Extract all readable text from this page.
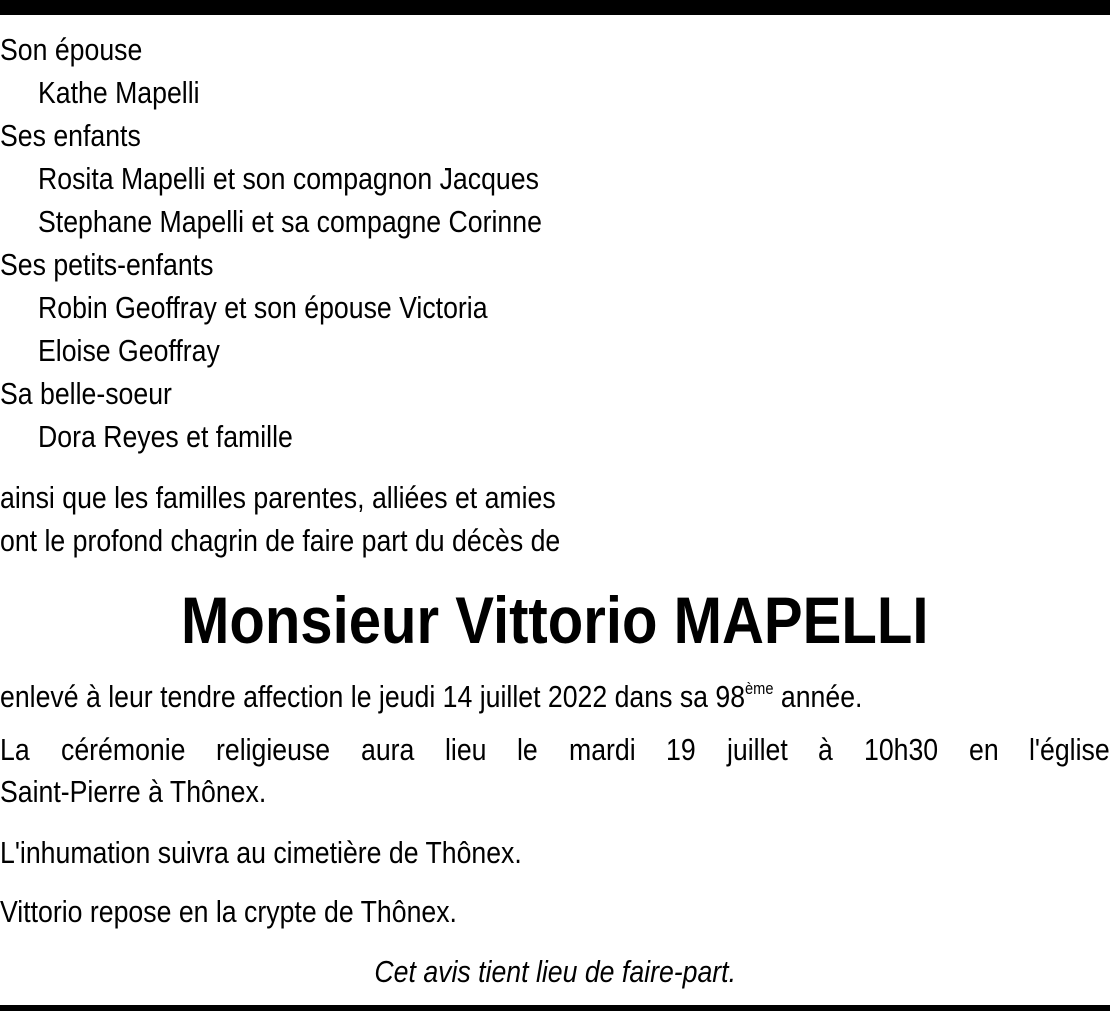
Son épouse
Kathe Mapelli
Ses enfants
Rosita Mapelli et son compagnon Jacques
Stephane Mapelli et sa compagne Corinne
Ses petits-enfants
Robin Geoffray et son épouse Victoria
Eloise Geoffray
Sa belle-soeur
Dora Reyes et famille
ainsi que les familles parentes, alliées et amies
ont le profond chagrin de faire part du décès de
Monsieur Vittorio MAPELLI
enlevé à leur tendre affection le jeudi 14 juillet 2022 dans sa 98ème année.
La cérémonie religieuse aura lieu le mardi 19 juillet à 10h30 en l'église
Saint-Pierre à Thônex.
L'inhumation suivra au cimetière de Thônex.
Vittorio repose en la crypte de Thônex.
Cet avis tient lieu de faire-part.
